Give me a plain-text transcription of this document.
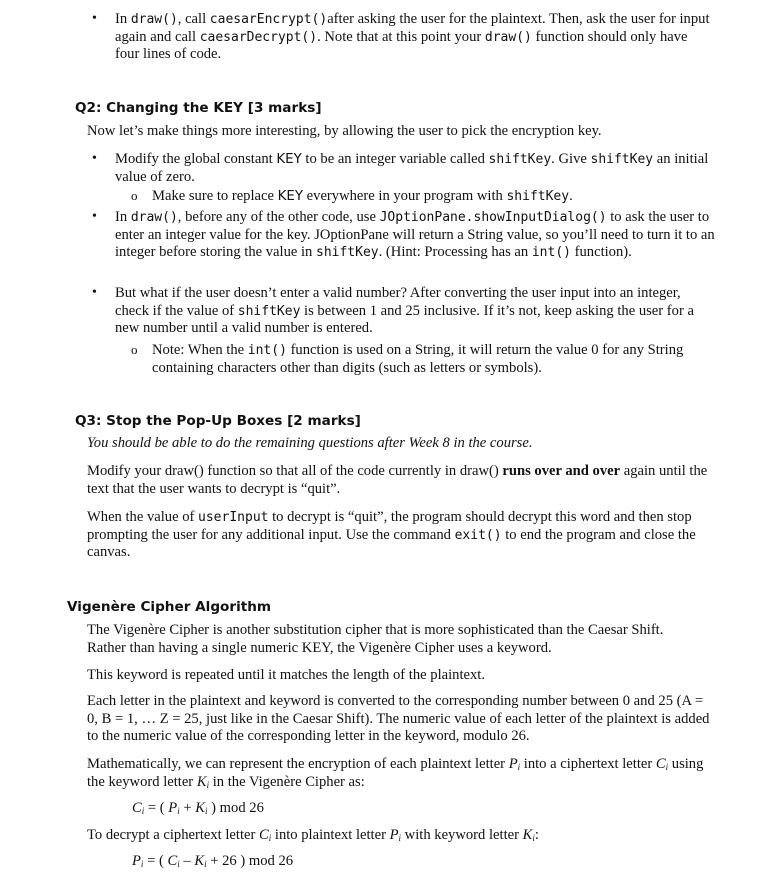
• In draw(), call caesarEncrypt()after asking the user for the plaintext. Then, ask the user for input again and call caesarDecrypt(). Note that at this point your draw() function should only have four lines of code.
Q2: Changing the KEY [3 marks]
Now let’s make things more interesting, by allowing the user to pick the encryption key.
• Modify the global constant KEY to be an integer variable called shiftKey. Give shiftKey an initial value of zero.
o Make sure to replace KEY everywhere in your program with shiftKey.
• In draw(), before any of the other code, use JOptionPane.showInputDialog() to ask the user to enter an integer value for the key. JOptionPane will return a String value, so you’ll need to turn it to an integer before storing the value in shiftKey. (Hint: Processing has an int() function).
• But what if the user doesn’t enter a valid number? After converting the user input into an integer, check if the value of shiftKey is between 1 and 25 inclusive. If it’s not, keep asking the user for a new number until a valid number is entered.
o Note: When the int() function is used on a String, it will return the value 0 for any String containing characters other than digits (such as letters or symbols).
Q3: Stop the Pop-Up Boxes [2 marks]
You should be able to do the remaining questions after Week 8 in the course.
Modify your draw() function so that all of the code currently in draw() runs over and over again until the text that the user wants to decrypt is “quit”.
When the value of userInput to decrypt is “quit”, the program should decrypt this word and then stop prompting the user for any additional input. Use the command exit() to end the program and close the canvas.
Vigenère Cipher Algorithm
The Vigenère Cipher is another substitution cipher that is more sophisticated than the Caesar Shift. Rather than having a single numeric KEY, the Vigenère Cipher uses a keyword.
This keyword is repeated until it matches the length of the plaintext.
Each letter in the plaintext and keyword is converted to the corresponding number between 0 and 25 (A = 0, B = 1, … Z = 25, just like in the Caesar Shift). The numeric value of each letter of the plaintext is added to the numeric value of the corresponding letter in the keyword, modulo 26.
Mathematically, we can represent the encryption of each plaintext letter $P_i$ into a ciphertext letter $C_i$ using the keyword letter $K_i$ in the Vigenère Cipher as:
$C_i$ = ( $P_i + K_i$ ) mod 26
To decrypt a ciphertext letter $C_i$ into plaintext letter $P_i$ with keyword letter $K_i$:
$P_i$ = ( $C_i - K_i + 26$ ) mod 26
